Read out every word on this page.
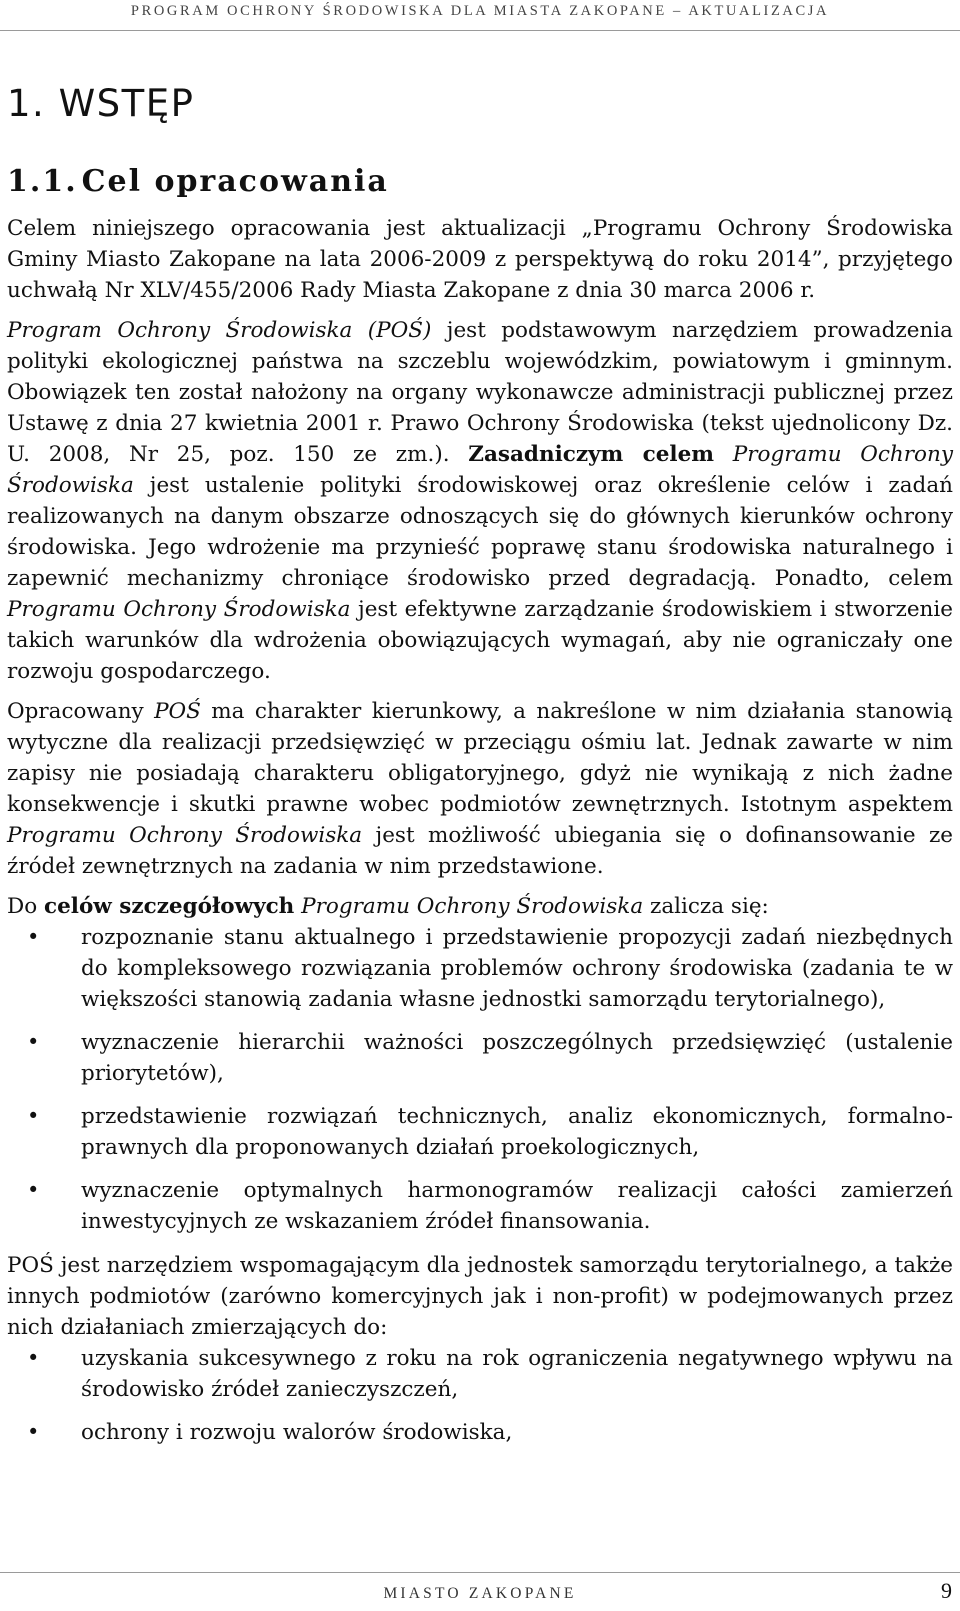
PROGRAM OCHRONY ŚRODOWISKA DLA MIASTA ZAKOPANE – AKTUALIZACJA
1. WSTĘP
1.1. Cel opracowania

Celem niniejszego opracowania jest aktualizacji „Programu Ochrony Środowiska Gminy Miasto Zakopane na lata 2006-2009 z perspektywą do roku 2014”, przyjętego uchwałą Nr XLV/455/2006 Rady Miasta Zakopane z dnia 30 marca 2006 r.

Program Ochrony Środowiska (POŚ) jest podstawowym narzędziem prowadzenia polityki ekologicznej państwa na szczeblu wojewódzkim, powiatowym i gminnym. Obowiązek ten został nałożony na organy wykonawcze administracji publicznej przez Ustawę z dnia 27 kwietnia 2001 r. Prawo Ochrony Środowiska (tekst ujednolicony Dz. U. 2008, Nr 25, poz. 150 ze zm.). Zasadniczym celem Programu Ochrony Środowiska jest ustalenie polityki środowiskowej oraz określenie celów i zadań realizowanych na danym obszarze odnoszących się do głównych kierunków ochrony środowiska. Jego wdrożenie ma przynieść poprawę stanu środowiska naturalnego i zapewnić mechanizmy chroniące środowisko przed degradacją. Ponadto, celem Programu Ochrony Środowiska jest efektywne zarządzanie środowiskiem i stworzenie takich warunków dla wdrożenia obowiązujących wymagań, aby nie ograniczały one rozwoju gospodarczego.

Opracowany POŚ ma charakter kierunkowy, a nakreślone w nim działania stanowią wytyczne dla realizacji przedsięwzięć w przeciągu ośmiu lat. Jednak zawarte w nim zapisy nie posiadają charakteru obligatoryjnego, gdyż nie wynikają z nich żadne konsekwencje i skutki prawne wobec podmiotów zewnętrznych. Istotnym aspektem Programu Ochrony Środowiska jest możliwość ubiegania się o dofinansowanie ze źródeł zewnętrznych na zadania w nim przedstawione.

Do celów szczegółowych Programu Ochrony Środowiska zalicza się:

• rozpoznanie stanu aktualnego i przedstawienie propozycji zadań niezbędnych do kompleksowego rozwiązania problemów ochrony środowiska (zadania te w większości stanowią zadania własne jednostki samorządu terytorialnego),
• wyznaczenie hierarchii ważności poszczególnych przedsięwzięć (ustalenie priorytetów),
• przedstawienie rozwiązań technicznych, analiz ekonomicznych, formalno-prawnych dla proponowanych działań proekologicznych,
• wyznaczenie optymalnych harmonogramów realizacji całości zamierzeń inwestycyjnych ze wskazaniem źródeł finansowania.

POŚ jest narzędziem wspomagającym dla jednostek samorządu terytorialnego, a także innych podmiotów (zarówno komercyjnych jak i non-profit) w podejmowanych przez nich działaniach zmierzających do:

• uzyskania sukcesywnego z roku na rok ograniczenia negatywnego wpływu na środowisko źródeł zanieczyszczeń,
• ochrony i rozwoju walorów środowiska,
MIASTO ZAKOPANE	9
